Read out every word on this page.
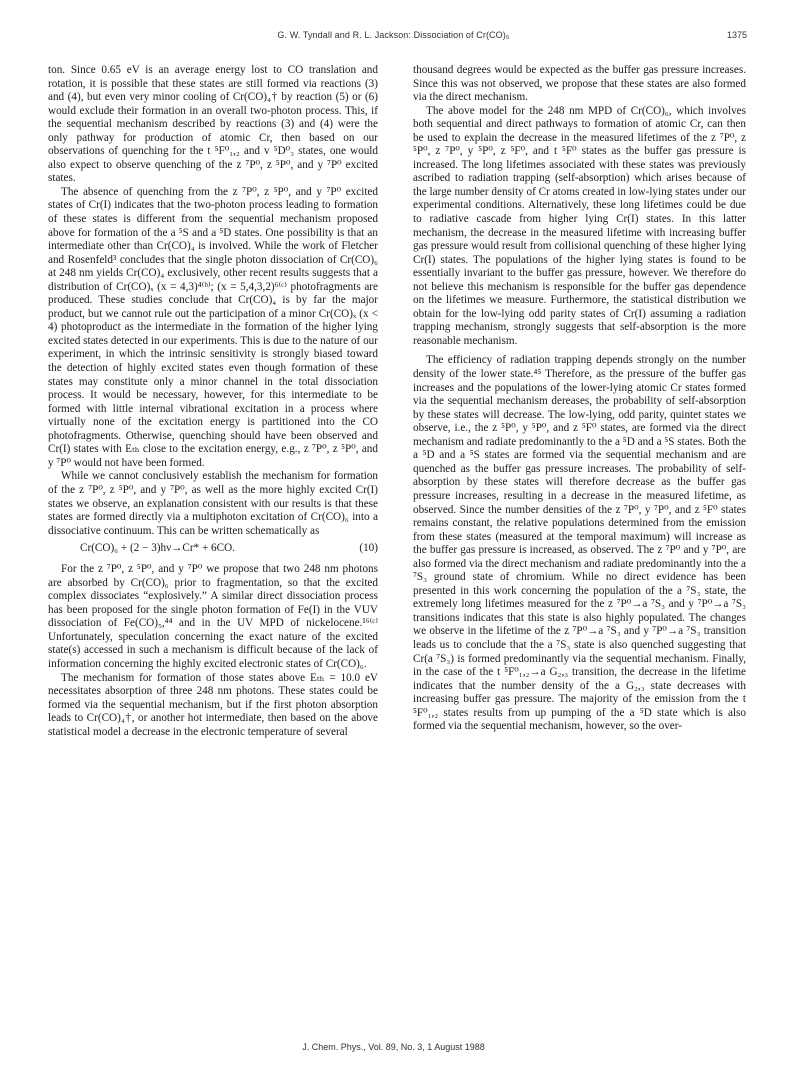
G. W. Tyndall and R. L. Jackson: Dissociation of Cr(CO)₆	1375

ton. Since 0.65 eV is an average energy lost to CO translation and rotation, it is possible that these states are still formed via reactions (3) and (4), but even very minor cooling of Cr(CO)₄† by reaction (5) or (6) would exclude their formation in an overall two-photon process. This, if the sequential mechanism described by reactions (3) and (4) were the only pathway for production of atomic Cr, then based on our observations of quenching for the t ⁵F⁰₁,₂ and v ⁵D⁰₃ states, one would also expect to observe quenching of the z ⁷P⁰, z ⁵P⁰, and y ⁷P⁰ excited states.

The absence of quenching from the z ⁷P⁰, z ⁵P⁰, and y ⁷P⁰ excited states of Cr(I) indicates that the two-photon process leading to formation of these states is different from the sequential mechanism proposed above for formation of the a ⁵S and a ⁵D states. One possibility is that an intermediate other than Cr(CO)₄ is involved. While the work of Fletcher and Rosenfeld³ concludes that the single photon dissociation of Cr(CO)₆ at 248 nm yields Cr(CO)₄ exclusively, other recent results suggests that a distribution of Cr(CO)ₓ (x = 4,3)⁴⁽ᵇ⁾; (x = 5,4,3,2)⁶⁽ᶜ⁾ photofragments are produced. These studies conclude that Cr(CO)₄ is by far the major product, but we cannot rule out the participation of a minor Cr(CO)ₓ (x < 4) photoproduct as the intermediate in the formation of the higher lying excited states detected in our experiments. This is due to the nature of our experiment, in which the intrinsic sensitivity is strongly biased toward the detection of highly excited states even though formation of these states may constitute only a minor channel in the total dissociation process. It would be necessary, however, for this intermediate to be formed with little internal vibrational excitation in a process where virtually none of the excitation energy is partitioned into the CO photofragments. Otherwise, quenching should have been observed and Cr(I) states with Eₜₕ close to the excitation energy, e.g., z ⁷P⁰, z ⁵P⁰, and y ⁷P⁰ would not have been formed.

While we cannot conclusively establish the mechanism for formation of the z ⁷P⁰, z ⁵P⁰, and y ⁷P⁰, as well as the more highly excited Cr(I) states we observe, an explanation consistent with our results is that these states are formed directly via a multiphoton excitation of Cr(CO)₆ into a dissociative continuum. This can be written schematically as

Cr(CO)₆ + (2 − 3)hν→Cr* + 6CO.	(10)

For the z ⁷P⁰, z ⁵P⁰, and y ⁷P⁰ we propose that two 248 nm photons are absorbed by Cr(CO)₆ prior to fragmentation, so that the excited complex dissociates “explosively.” A similar direct dissociation process has been proposed for the single photon formation of Fe(I) in the VUV dissociation of Fe(CO)₅,⁴⁴ and in the UV MPD of nickelocene.¹⁶⁽ᶜ⁾ Unfortunately, speculation concerning the exact nature of the excited state(s) accessed in such a mechanism is difficult because of the lack of information concerning the highly excited electronic states of Cr(CO)₆.

The mechanism for formation of those states above Eₜₕ = 10.0 eV necessitates absorption of three 248 nm photons. These states could be formed via the sequential mechanism, but if the first photon absorption leads to Cr(CO)₄†, or another hot intermediate, then based on the above statistical model a decrease in the electronic temperature of several

thousand degrees would be expected as the buffer gas pressure increases. Since this was not observed, we propose that these states are also formed via the direct mechanism.

The above model for the 248 nm MPD of Cr(CO)₆, which involves both sequential and direct pathways to formation of atomic Cr, can then be used to explain the decrease in the measured lifetimes of the z ⁷P⁰, z ⁵P⁰, z ⁷P⁰, y ⁵P⁰, z ⁵F⁰, and t ⁵F⁰ states as the buffer gas pressure is increased. The long lifetimes associated with these states was previously ascribed to radiation trapping (self-absorption) which arises because of the large number density of Cr atoms created in low-lying states under our experimental conditions. Alternatively, these long lifetimes could be due to radiative cascade from higher lying Cr(I) states. In this latter mechanism, the decrease in the measured lifetime with increasing buffer gas pressure would result from collisional quenching of these higher lying Cr(I) states. The populations of the higher lying states is found to be essentially invariant to the buffer gas pressure, however. We therefore do not believe this mechanism is responsible for the buffer gas dependence on the lifetimes we measure. Furthermore, the statistical distribution we obtain for the low-lying odd parity states of Cr(I) assuming a radiation trapping mechanism, strongly suggests that self-absorption is the more reasonable mechanism.

The efficiency of radiation trapping depends strongly on the number density of the lower state.⁴⁵ Therefore, as the pressure of the buffer gas increases and the populations of the lower-lying atomic Cr states formed via the sequential mechanism dereases, the probability of self-absorption by these states will decrease. The low-lying, odd parity, quintet states we observe, i.e., the z ⁵P⁰, y ⁵P⁰, and z ⁵F⁰ states, are formed via the direct mechanism and radiate predominantly to the a ⁵D and a ⁵S states. Both the a ⁵D and a ⁵S states are formed via the sequential mechanism and are quenched as the buffer gas pressure increases. The probability of self-absorption by these states will therefore decrease as the buffer gas pressure increases, resulting in a decrease in the measured lifetime, as observed. Since the number densities of the z ⁷P⁰, y ⁷P⁰, and z ⁵F⁰ states remains constant, the relative populations determined from the emission from these states (measured at the temporal maximum) will increase as the buffer gas pressure is increased, as observed. The z ⁷P⁰ and y ⁷P⁰, are also formed via the direct mechanism and radiate predominantly into the a ⁷S₃ ground state of chromium. While no direct evidence has been presented in this work concerning the population of the a ⁷S₃ state, the extremely long lifetimes measured for the z ⁷P⁰→a ⁷S₃ and y ⁷P⁰→a ⁷S₃ transitions indicates that this state is also highly populated. The changes we observe in the lifetime of the z ⁷P⁰→a ⁷S₃ and y ⁷P⁰→a ⁷S₃ transition leads us to conclude that the a ⁷S₃ state is also quenched suggesting that Cr(a ⁷S₃) is formed predominantly via the sequential mechanism. Finally, in the case of the t ⁵F⁰₁,₂→a G₂,₃ transition, the decrease in the lifetime indicates that the number density of the a G₂,₃ state decreases with increasing buffer gas pressure. The majority of the emission from the t ⁵F⁰₁,₂ states results from up pumping of the a ⁵D state which is also formed via the sequential mechanism, however, so the over-

J. Chem. Phys., Vol. 89, No. 3, 1 August 1988
